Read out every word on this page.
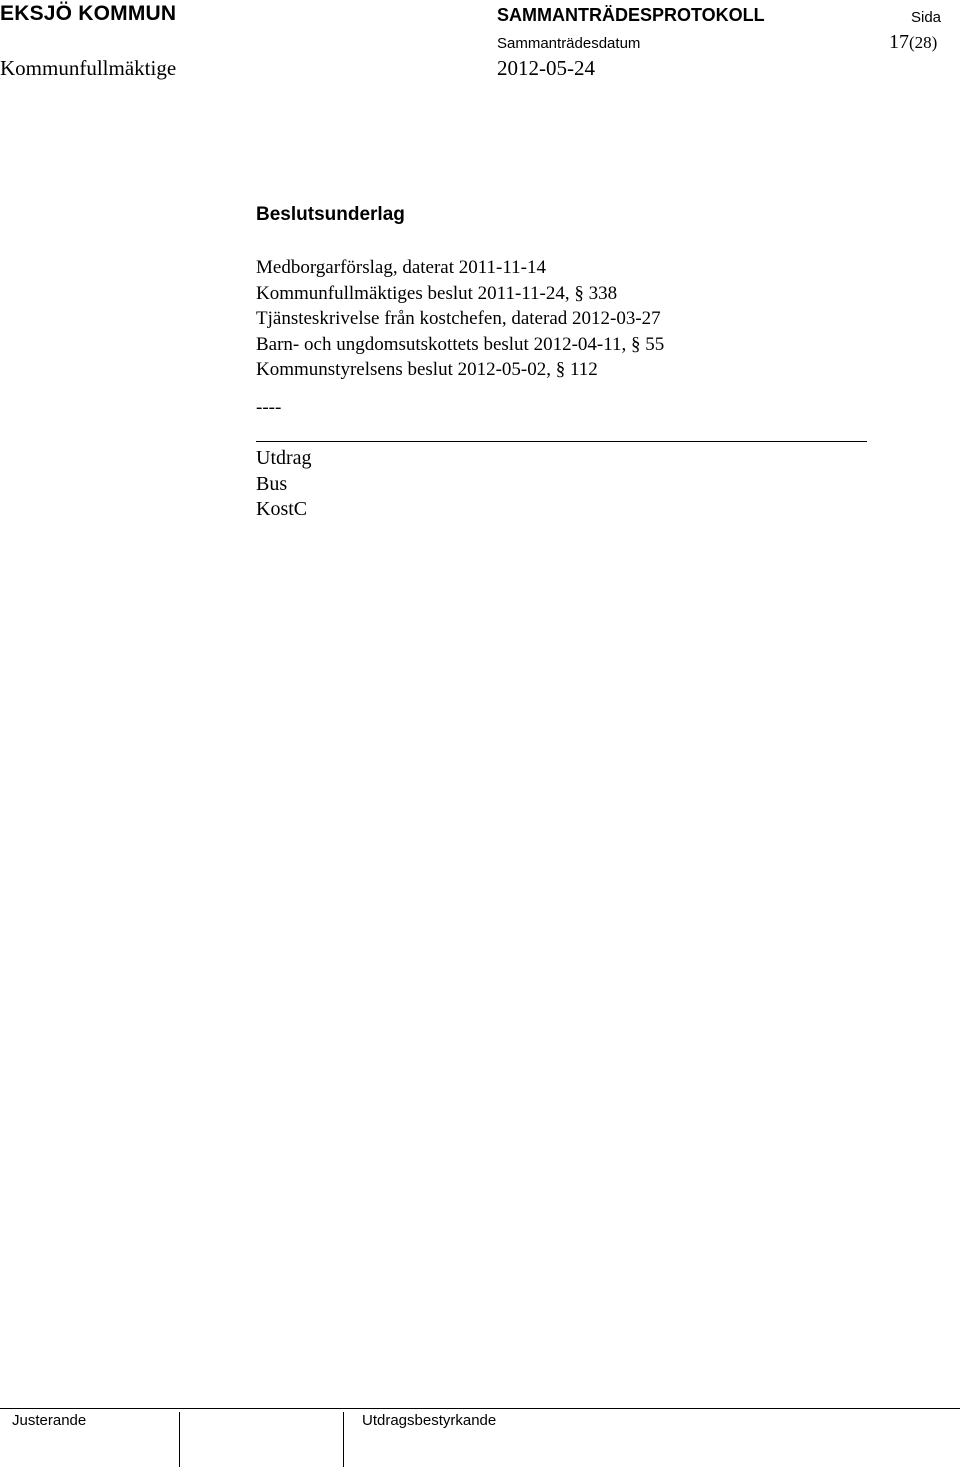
EKSJÖ KOMMUN	SAMMANTRÄDESPROTOKOLL	Sida
Sammanträdesdatum	17(28)
Kommunfullmäktige	2012-05-24
Beslutsunderlag
Medborgarförslag, daterat 2011-11-14
Kommunfullmäktiges beslut 2011-11-24, § 338
Tjänsteskrivelse från kostchefen, daterad 2012-03-27
Barn- och ungdomsutskottets beslut 2012-04-11, § 55
Kommunstyrelsens beslut 2012-05-02, § 112
----
Utdrag
Bus
KostC
Justerande	Utdragsbestyrkande
